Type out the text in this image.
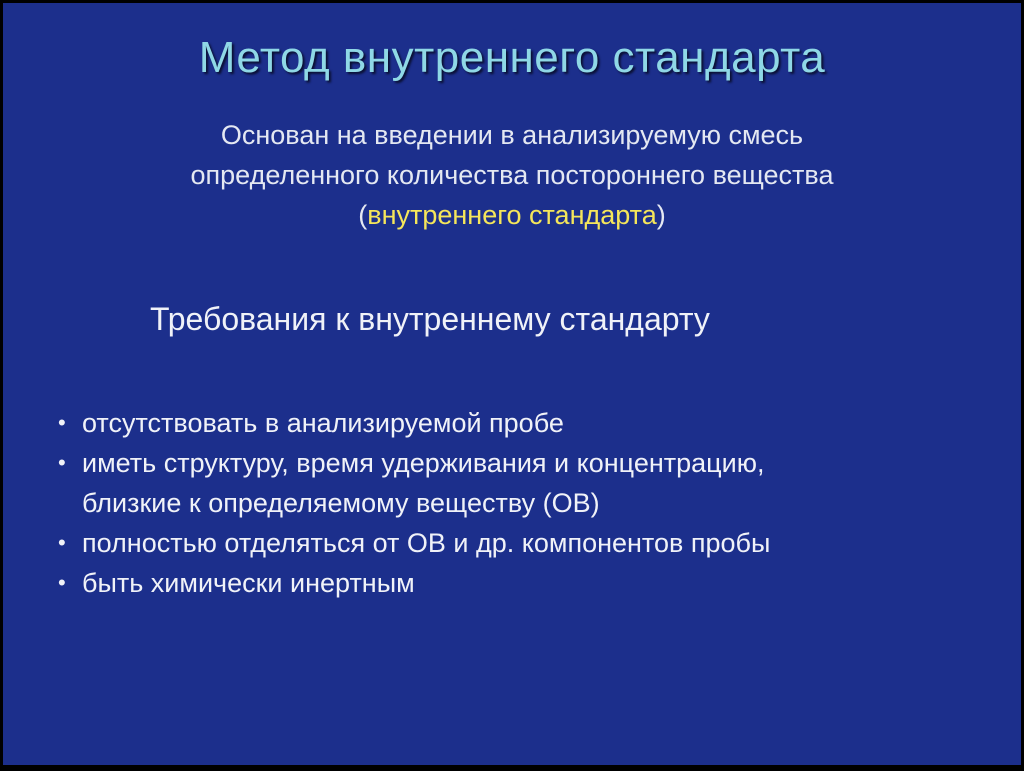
Метод внутреннего стандарта
Основан на введении в анализируемую смесь
определенного количества постороннего вещества
(внутреннего стандарта)
Требования к внутреннему стандарту
• отсутствовать в анализируемой пробе
• иметь структуру, время удерживания и концентрацию,
близкие к определяемому веществу (ОВ)
• полностью отделяться от ОВ и др. компонентов пробы
• быть химически инертным
